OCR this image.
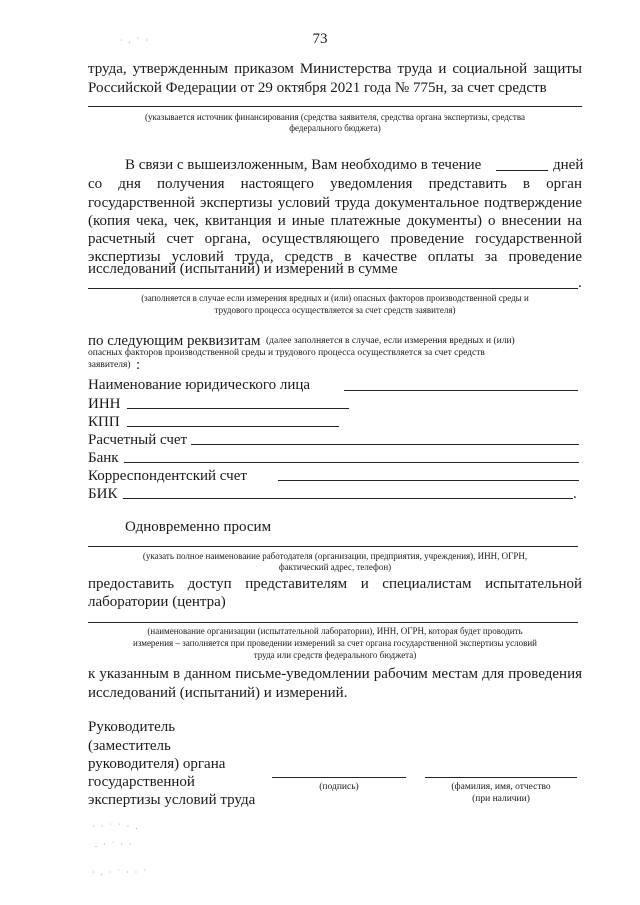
73
труда, утвержденным приказом Министерства труда и социальной защиты
Российской Федерации от 29 октября 2021 года № 775н, за счет средств
(указывается источник финансирования (средства заявителя, средства органа экспертизы, средства
федерального бюджета)
В связи с вышеизложенным, Вам необходимо в течение	дней
со дня получения настоящего уведомления представить в орган
государственной экспертизы условий труда документальное подтверждение
(копия чека, чек, квитанция и иные платежные документы) о внесении на
расчетный счет органа, осуществляющего проведение государственной
экспертизы условий труда, средств в качестве оплаты за проведение
исследований (испытаний) и измерений в сумме
.
(заполняется в случае если измерения вредных и (или) опасных факторов производственной среды и
трудового процесса осуществляется за счет средств заявителя)
по следующим реквизитам (далее заполняется в случае, если измерения вредных и (или)
опасных факторов производственной среды и трудового процесса осуществляется за счет средств
заявителя) :
Наименование юридического лица
ИНН
КПП
Расчетный счет
Банк
Корреспондентский счет
БИК	.
Одновременно просим
(указать полное наименование работодателя (организации, предприятия, учреждения), ИНН, ОГРН,
фактический адрес, телефон)
предоставить доступ представителям и специалистам испытательной
лаборатории (центра)
(наименование организации (испытательной лаборатории), ИНН, ОГРН, которая будет проводить
измерения – заполняется при проведении измерений за счет органа государственной экспертизы условий
труда или средств федерального бюджета)
к указанным в данном письме-уведомлении рабочим местам для проведения
исследований (испытаний) и измерений.
Руководитель
(заместитель
руководителя) органа
государственной
экспертизы условий труда
(подпись)	(фамилия, имя, отчество
(при наличии)
· · ˙ ˙ · .
. · ˙ · ·
· . · ˙ · · ˙
· . ˙ ·
